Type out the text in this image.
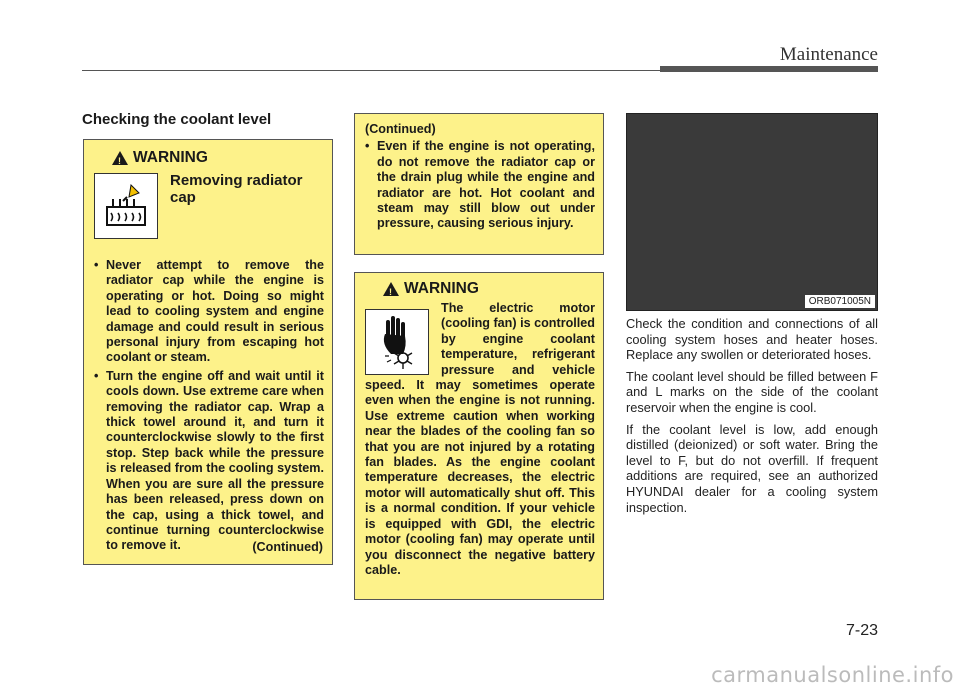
Maintenance
Checking the coolant level
!
WARNING
Removing radiator cap
• Never attempt to remove the radiator cap while the engine is operating or hot. Doing so might lead to cooling system and engine damage and could result in serious personal injury from escaping hot coolant or steam.
• Turn the engine off and wait until it cools down. Use extreme care when removing the radiator cap. Wrap a thick towel around it, and turn it counterclockwise slowly to the first stop. Step back while the pressure is released from the cooling system. When you are sure all the pressure has been released, press down on the cap, using a thick towel, and continue turning counterclockwise to remove it.	(Continued)
(Continued)
• Even if the engine is not operating, do not remove the radiator cap or the drain plug while the engine and radiator are hot. Hot coolant and steam may still blow out under pressure, causing serious injury.
!
WARNING
The electric motor (cooling fan) is controlled by engine coolant temperature, refrigerant pressure and vehicle speed. It may sometimes operate even when the engine is not running. Use extreme caution when working near the blades of the cooling fan so that you are not injured by a rotating fan blades. As the engine coolant temperature decreases, the electric motor will automatically shut off. This is a normal condition. If your vehicle is equipped with GDI, the electric motor (cooling fan) may operate until you disconnect the negative battery cable.
ORB071005N

Check the condition and connections of all cooling system hoses and heater hoses. Replace any swollen or deteriorated hoses.

The coolant level should be filled between F and L marks on the side of the coolant reservoir when the engine is cool.

If the coolant level is low, add enough distilled (deionized) or soft water. Bring the level to F, but do not overfill. If frequent additions are required, see an authorized HYUNDAI dealer for a cooling system inspection.

7-23
carmanualsonline.info
